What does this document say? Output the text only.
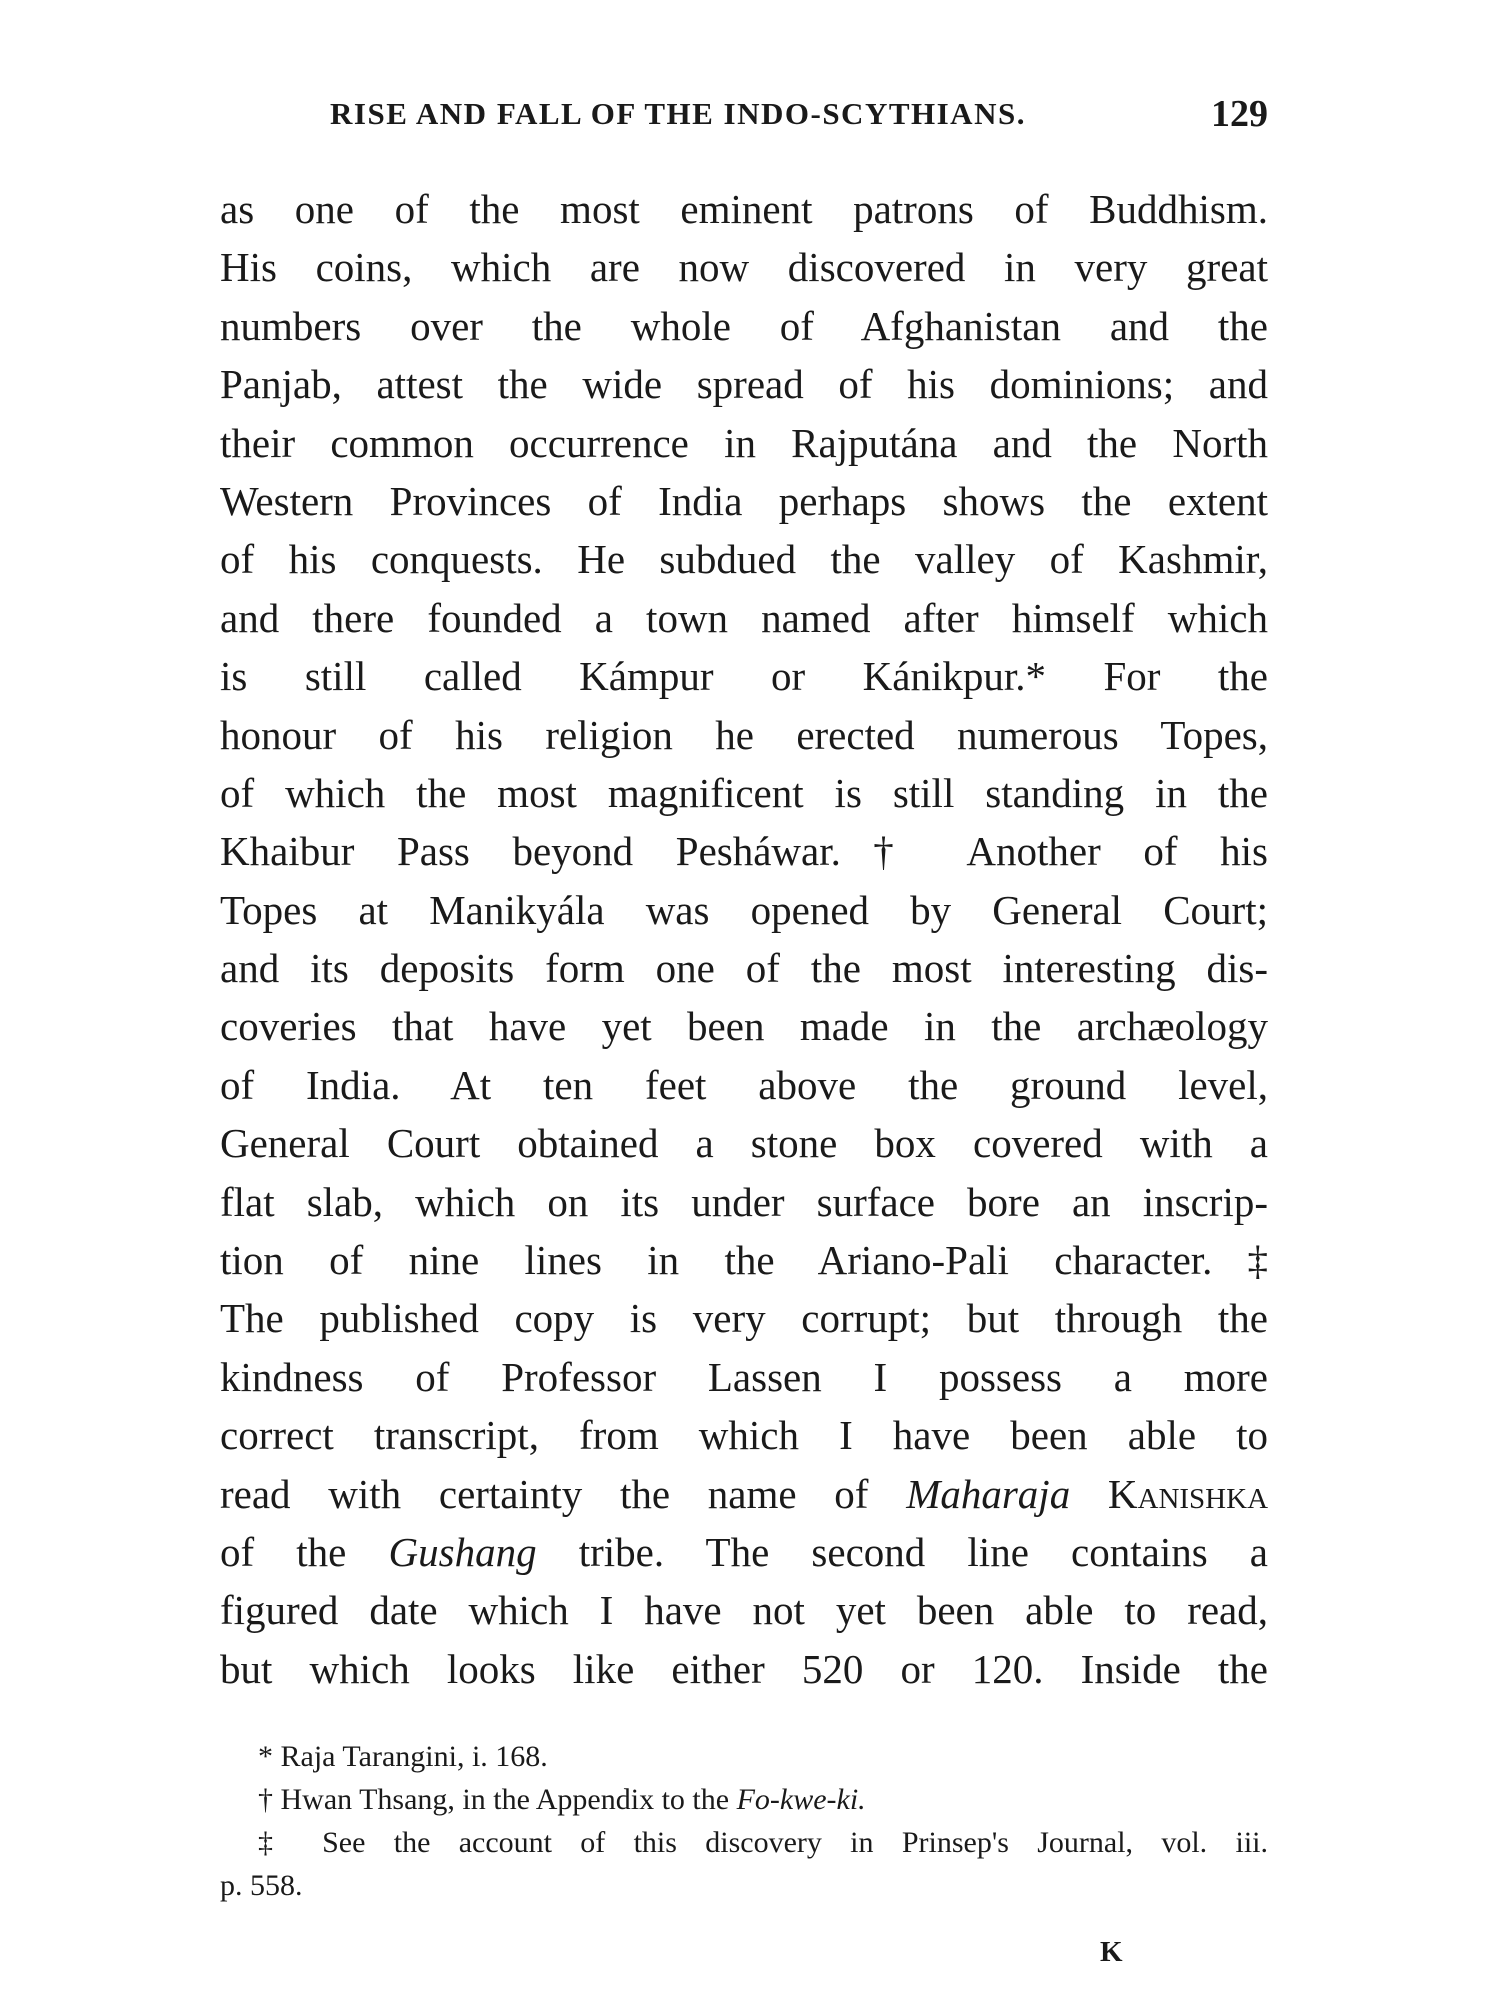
RISE AND FALL OF THE INDO-SCYTHIANS.	129
as one of the most eminent patrons of Buddhism.
His coins, which are now discovered in very great
numbers over the whole of Afghanistan and the
Panjab, attest the wide spread of his dominions; and
their common occurrence in Rajputána and the North
Western Provinces of India perhaps shows the extent
of his conquests. He subdued the valley of Kashmir,
and there founded a town named after himself which
is still called Kámpur or Kánikpur.* For the
honour of his religion he erected numerous Topes,
of which the most magnificent is still standing in the
Khaibur Pass beyond Pesháwar.† Another of his
Topes at Manikyála was opened by General Court;
and its deposits form one of the most interesting dis-
coveries that have yet been made in the archæology
of India. At ten feet above the ground level,
General Court obtained a stone box covered with a
flat slab, which on its under surface bore an inscrip-
tion of nine lines in the Ariano-Pali character.‡
The published copy is very corrupt; but through the
kindness of Professor Lassen I possess a more
correct transcript, from which I have been able to
read with certainty the name of Maharaja Kanishka
of the Gushang tribe. The second line contains a
figured date which I have not yet been able to read,
but which looks like either 520 or 120. Inside the
* Raja Tarangini, i. 168.
† Hwan Thsang, in the Appendix to the Fo-kwe-ki.
‡ See the account of this discovery in Prinsep's Journal, vol. iii.
p. 558.
K
